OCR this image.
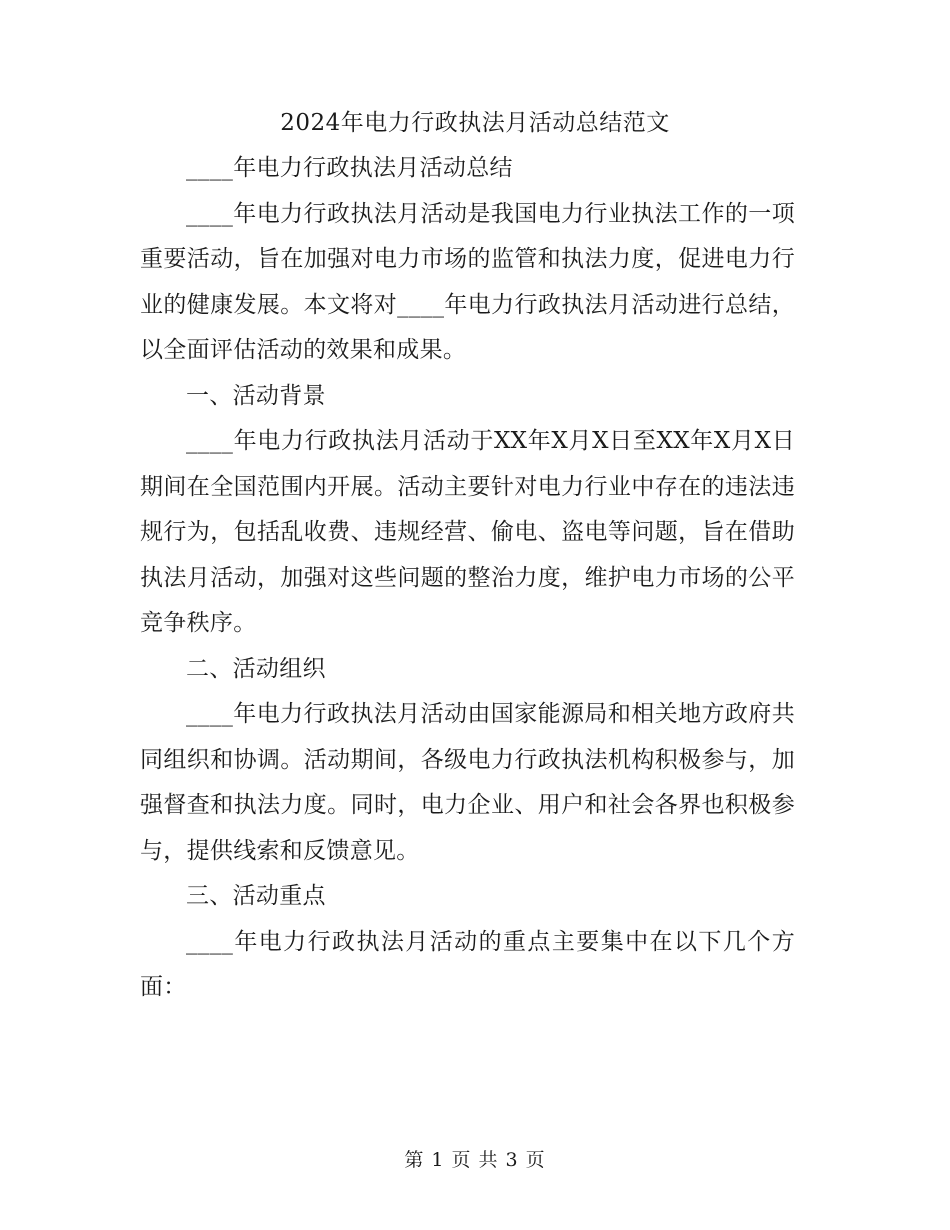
2024年电力行政执法月活动总结范文

____年电力行政执法月活动总结

____年电力行政执法月活动是我国电力行业执法工作的一项重要活动，旨在加强对电力市场的监管和执法力度，促进电力行业的健康发展。本文将对____年电力行政执法月活动进行总结，以全面评估活动的效果和成果。

一、活动背景

____年电力行政执法月活动于XX年X月X日至XX年X月X日期间在全国范围内开展。活动主要针对电力行业中存在的违法违规行为，包括乱收费、违规经营、偷电、盗电等问题，旨在借助执法月活动，加强对这些问题的整治力度，维护电力市场的公平竞争秩序。

二、活动组织

____年电力行政执法月活动由国家能源局和相关地方政府共同组织和协调。活动期间，各级电力行政执法机构积极参与，加强督查和执法力度。同时，电力企业、用户和社会各界也积极参与，提供线索和反馈意见。

三、活动重点

____年电力行政执法月活动的重点主要集中在以下几个方面：

第 1 页 共 3 页
